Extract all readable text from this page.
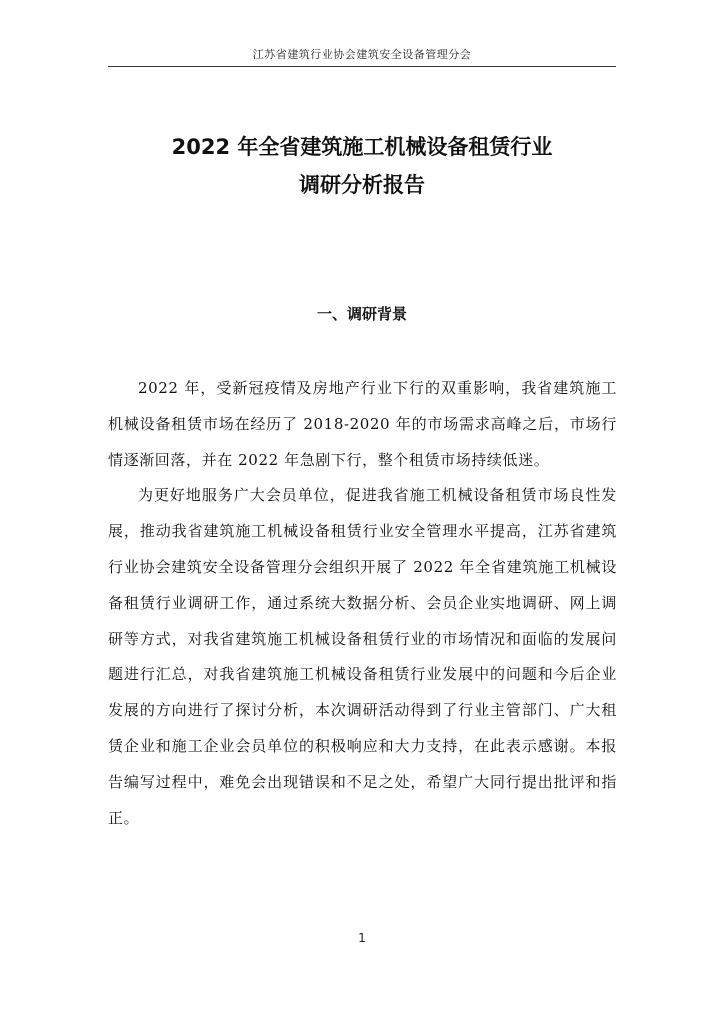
江苏省建筑行业协会建筑安全设备管理分会
2022 年全省建筑施工机械设备租赁行业
调研分析报告
一、调研背景

2022 年，受新冠疫情及房地产行业下行的双重影响，我省建筑施工机械设备租赁市场在经历了 2018-2020 年的市场需求高峰之后，市场行情逐渐回落，并在 2022 年急剧下行，整个租赁市场持续低迷。

为更好地服务广大会员单位，促进我省施工机械设备租赁市场良性发展，推动我省建筑施工机械设备租赁行业安全管理水平提高，江苏省建筑行业协会建筑安全设备管理分会组织开展了 2022 年全省建筑施工机械设备租赁行业调研工作，通过系统大数据分析、会员企业实地调研、网上调研等方式，对我省建筑施工机械设备租赁行业的市场情况和面临的发展问题进行汇总，对我省建筑施工机械设备租赁行业发展中的问题和今后企业发展的方向进行了探讨分析，本次调研活动得到了行业主管部门、广大租赁企业和施工企业会员单位的积极响应和大力支持，在此表示感谢。本报告编写过程中，难免会出现错误和不足之处，希望广大同行提出批评和指正。

1
